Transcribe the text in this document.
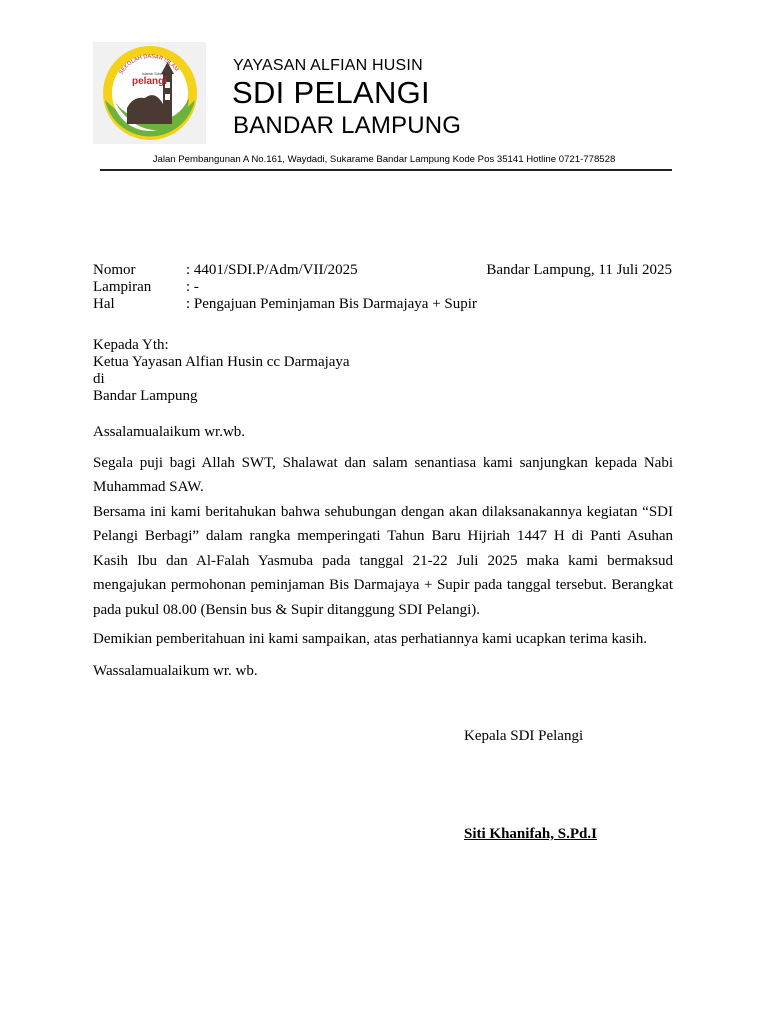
SEKOLAH DASAR ISLAM
Islamic School
pelangi
YAYASAN ALFIAN HUSIN
SDI PELANGI
BANDAR LAMPUNG
Jalan Pembangunan A No.161, Waydadi, Sukarame Bandar Lampung Kode Pos 35141 Hotline 0721-778528
Nomor	: 4401/SDI.P/Adm/VII/2025	Bandar Lampung, 11 Juli 2025
Lampiran : -
Hal	: Pengajuan Peminjaman Bis Darmajaya + Supir
Kepada Yth:
Ketua Yayasan Alfian Husin cc Darmajaya
di
Bandar Lampung
Assalamualaikum wr.wb.
Segala puji bagi Allah SWT, Shalawat dan salam senantiasa kami sanjungkan kepada Nabi Muhammad SAW.
Bersama ini kami beritahukan bahwa sehubungan dengan akan dilaksanakannya kegiatan “SDI Pelangi Berbagi” dalam rangka memperingati Tahun Baru Hijriah 1447 H di Panti Asuhan Kasih Ibu dan Al-Falah Yasmuba pada tanggal 21-22 Juli 2025 maka kami bermaksud mengajukan permohonan peminjaman Bis Darmajaya + Supir pada tanggal tersebut. Berangkat pada pukul 08.00 (Bensin bus & Supir ditanggung SDI Pelangi).
Demikian pemberitahuan ini kami sampaikan, atas perhatiannya kami ucapkan terima kasih.
Wassalamualaikum wr. wb.
Kepala SDI Pelangi
Siti Khanifah, S.Pd.I
